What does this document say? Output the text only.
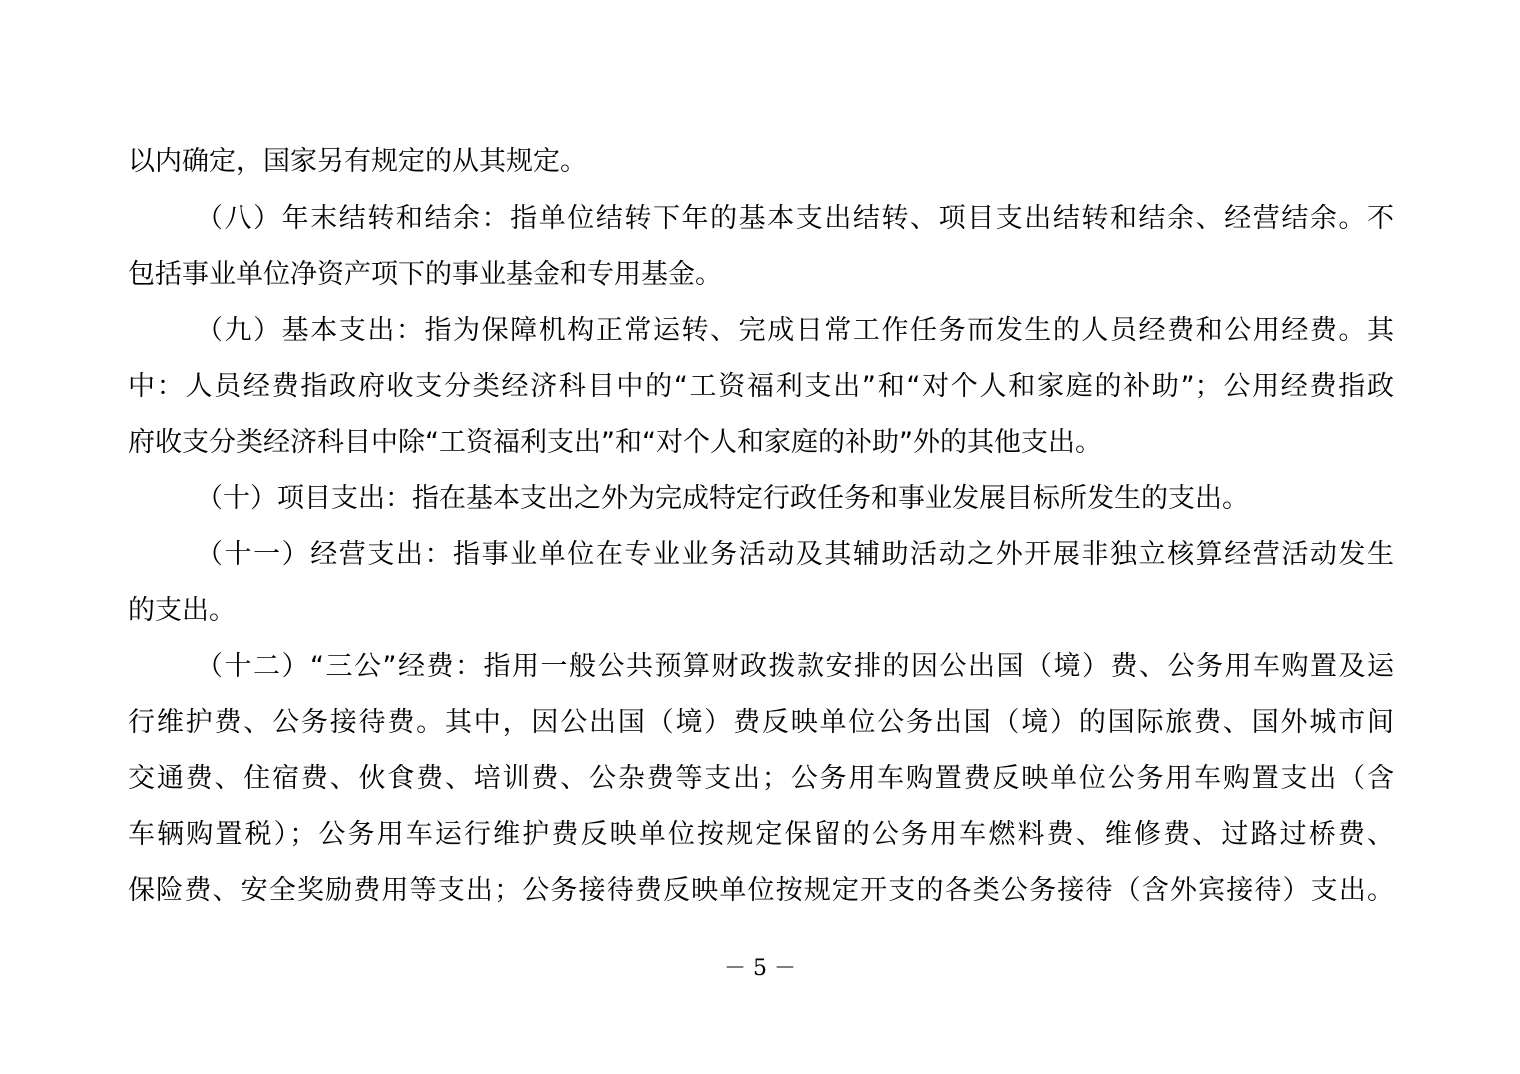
以内确定，国家另有规定的从其规定。
（八）年末结转和结余：指单位结转下年的基本支出结转、项目支出结转和结余、经营结余。不
包括事业单位净资产项下的事业基金和专用基金。
（九）基本支出：指为保障机构正常运转、完成日常工作任务而发生的人员经费和公用经费。其
中：人员经费指政府收支分类经济科目中的“工资福利支出”和“对个人和家庭的补助”；公用经费指政
府收支分类经济科目中除“工资福利支出”和“对个人和家庭的补助”外的其他支出。
（十）项目支出：指在基本支出之外为完成特定行政任务和事业发展目标所发生的支出。
（十一）经营支出：指事业单位在专业业务活动及其辅助活动之外开展非独立核算经营活动发生
的支出。
（十二）“三公”经费：指用一般公共预算财政拨款安排的因公出国（境）费、公务用车购置及运
行维护费、公务接待费。其中，因公出国（境）费反映单位公务出国（境）的国际旅费、国外城市间
交通费、住宿费、伙食费、培训费、公杂费等支出；公务用车购置费反映单位公务用车购置支出（含
车辆购置税）；公务用车运行维护费反映单位按规定保留的公务用车燃料费、维修费、过路过桥费、
保险费、安全奖励费用等支出；公务接待费反映单位按规定开支的各类公务接待（含外宾接待）支出。
－ 5 －
